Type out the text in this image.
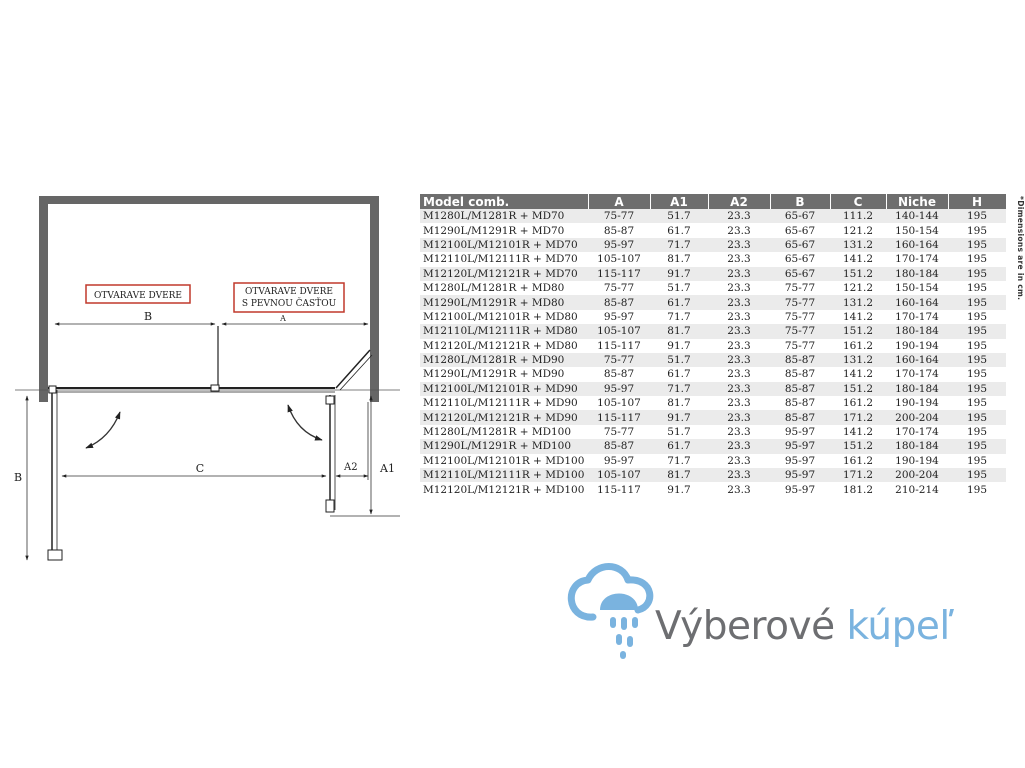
OTVARAVE DVERE	OTVARAVE DVERE
S PEVNOU ČASŤOU
B	A
B
C	A2 A1
Model comb.	A	A1	A2	B	C	Niche	H
M1280L/M1281R + MD70	75-77	51.7	23.3	65-67	111.2	140-144	195
M1290L/M1291R + MD70	85-87	61.7	23.3	65-67	121.2	150-154	195
M12100L/M12101R + MD70	95-97	71.7	23.3	65-67	131.2	160-164	195
M12110L/M12111R + MD70	105-107	81.7	23.3	65-67	141.2	170-174	195
M12120L/M12121R + MD70	115-117	91.7	23.3	65-67	151.2	180-184	195
M1280L/M1281R + MD80	75-77	51.7	23.3	75-77	121.2	150-154	195
M1290L/M1291R + MD80	85-87	61.7	23.3	75-77	131.2	160-164	195
M12100L/M12101R + MD80	95-97	71.7	23.3	75-77	141.2	170-174	195
M12110L/M12111R + MD80	105-107	81.7	23.3	75-77	151.2	180-184	195
M12120L/M12121R + MD80	115-117	91.7	23.3	75-77	161.2	190-194	195
M1280L/M1281R + MD90	75-77	51.7	23.3	85-87	131.2	160-164	195
M1290L/M1291R + MD90	85-87	61.7	23.3	85-87	141.2	170-174	195
M12100L/M12101R + MD90	95-97	71.7	23.3	85-87	151.2	180-184	195
M12110L/M12111R + MD90	105-107	81.7	23.3	85-87	161.2	190-194	195
M12120L/M12121R + MD90	115-117	91.7	23.3	85-87	171.2	200-204	195
M1280L/M1281R + MD100	75-77	51.7	23.3	95-97	141.2	170-174	195
M1290L/M1291R + MD100	85-87	61.7	23.3	95-97	151.2	180-184	195
M12100L/M12101R + MD100	95-97	71.7	23.3	95-97	161.2	190-194	195
M12110L/M12111R + MD100	105-107	81.7	23.3	95-97	171.2	200-204	195
M12120L/M12121R + MD100	115-117	91.7	23.3	95-97	181.2	210-214	195
*Dimensions are in cm.
Výberové kúpeľ
